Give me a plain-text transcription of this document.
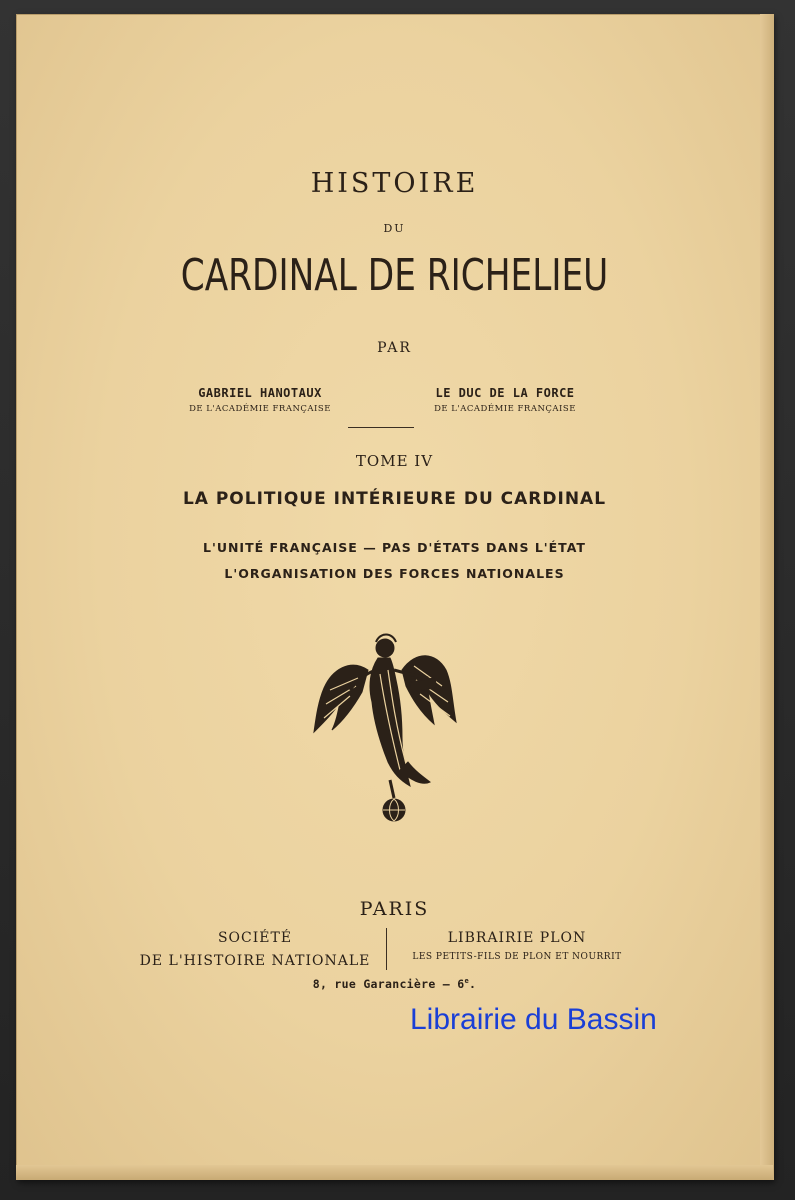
HISTOIRE
DU
CARDINAL DE RICHELIEU
PAR
GABRIEL HANOTAUX
DE L'ACADÉMIE FRANÇAISE
LE DUC DE LA FORCE
DE L'ACADÉMIE FRANÇAISE
TOME IV
LA POLITIQUE INTÉRIEURE DU CARDINAL
L'UNITÉ FRANÇAISE — PAS D'ÉTATS DANS L'ÉTAT
L'ORGANISATION DES FORCES NATIONALES
PARIS
SOCIÉTÉ
DE L'HISTOIRE NATIONALE
LIBRAIRIE PLON
LES PETITS-FILS DE PLON ET NOURRIT
8, rue Garancière – 6e.
Librairie du Bassin
